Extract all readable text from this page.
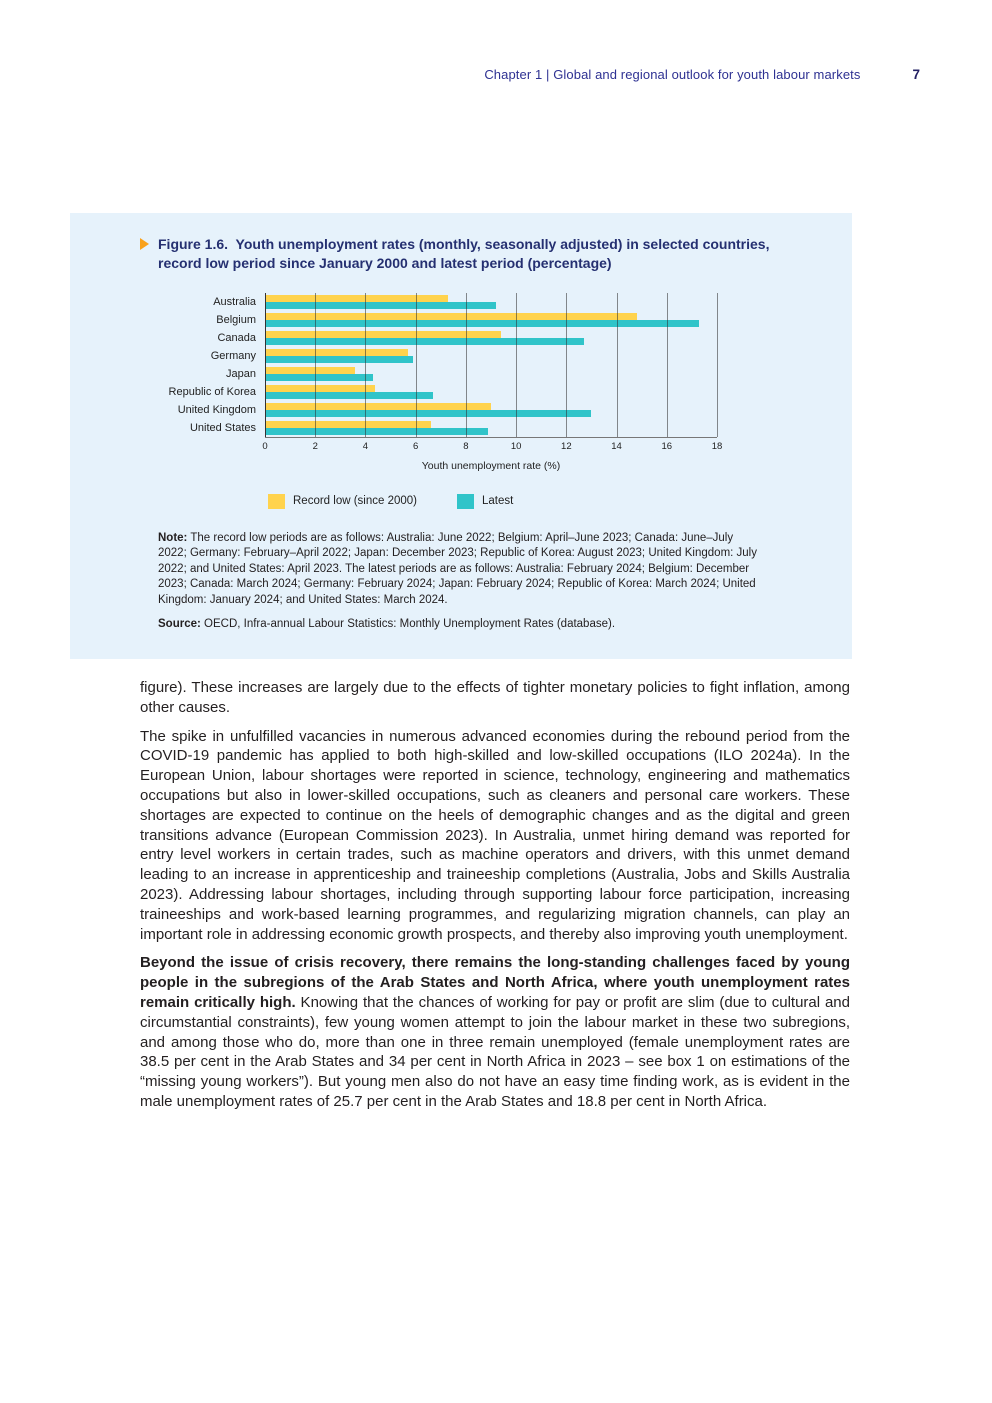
Chapter 1 | Global and regional outlook for youth labour markets	7
Figure 1.6.  Youth unemployment rates (monthly, seasonally adjusted) in selected countries, record low period since January 2000 and latest period (percentage)
Australia
Belgium
Canada
Germany
Japan
Republic of Korea
United Kingdom
United States
0	2	4	6	8	10	12	14	16	18
Youth unemployment rate (%)
Record low (since 2000)	Latest
Note: The record low periods are as follows: Australia: June 2022; Belgium: April–June 2023; Canada: June–July 2022; Germany: February–April 2022; Japan: December 2023; Republic of Korea: August 2023; United Kingdom: July 2022; and United States: April 2023. The latest periods are as follows: Australia: February 2024; Belgium: December 2023; Canada: March 2024; Germany: February 2024; Japan: February 2024; Republic of Korea: March 2024; United Kingdom: January 2024; and United States: March 2024.
Source: OECD, Infra-annual Labour Statistics: Monthly Unemployment Rates (database).

figure). These increases are largely due to the effects of tighter monetary policies to fight inflation, among other causes.

The spike in unfulfilled vacancies in numerous advanced economies during the rebound period from the COVID-19 pandemic has applied to both high-skilled and low-skilled occupations (ILO 2024a). In the European Union, labour shortages were reported in science, technology, engineering and mathematics occupations but also in lower-skilled occupations, such as cleaners and personal care workers. These shortages are expected to continue on the heels of demographic changes and as the digital and green transitions advance (European Commission 2023). In Australia, unmet hiring demand was reported for entry level workers in certain trades, such as machine operators and drivers, with this unmet demand leading to an increase in apprenticeship and traineeship completions (Australia, Jobs and Skills Australia 2023). Addressing labour shortages, including through supporting labour force participation, increasing traineeships and work-based learning programmes, and regularizing migration channels, can play an important role in addressing economic growth prospects, and thereby also improving youth unemployment.

Beyond the issue of crisis recovery, there remains the long-standing challenges faced by young people in the subregions of the Arab States and North Africa, where youth unemployment rates remain critically high. Knowing that the chances of working for pay or profit are slim (due to cultural and circumstantial constraints), few young women attempt to join the labour market in these two subregions, and among those who do, more than one in three remain unemployed (female unemployment rates are 38.5 per cent in the Arab States and 34 per cent in North Africa in 2023 – see box 1 on estimations of the “missing young workers”). But young men also do not have an easy time finding work, as is evident in the male unemployment rates of 25.7 per cent in the Arab States and 18.8 per cent in North Africa.
